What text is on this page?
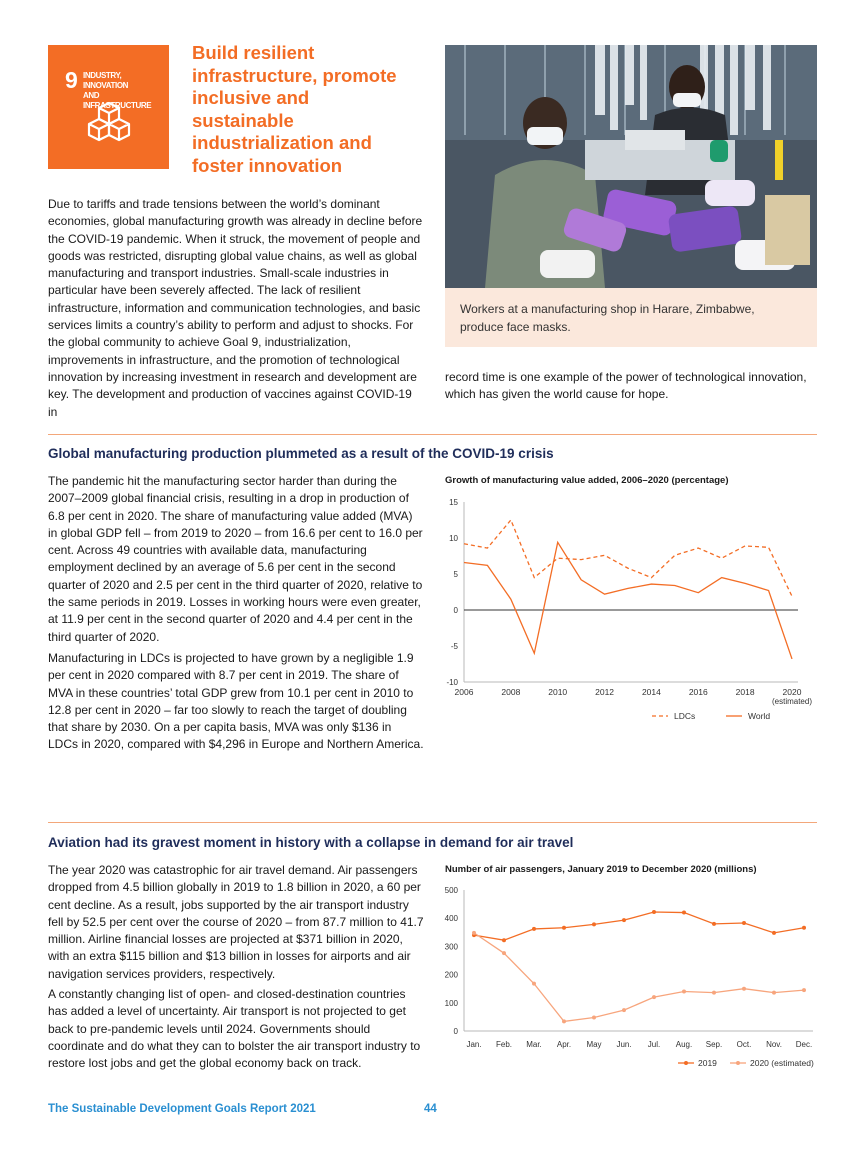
9 INDUSTRY, INNOVATION
AND INFRASTRUCTURE
Build resilient infrastructure, promote inclusive and sustainable industrialization and foster innovation
Workers at a manufacturing shop in Harare, Zimbabwe, produce face masks.
Due to tariffs and trade tensions between the world’s dominant economies, global manufacturing growth was already in decline before the COVID-19 pandemic. When it struck, the movement of people and goods was restricted, disrupting global value chains, as well as global manufacturing and transport industries. Small-scale industries in particular have been severely affected. The lack of resilient infrastructure, information and communication technologies, and basic services limits a country’s ability to perform and adjust to shocks. For the global community to achieve Goal 9, industrialization, improvements in infrastructure, and the promotion of technological innovation by increasing investment in research and development are key. The development and production of vaccines against COVID-19 in
record time is one example of the power of technological innovation, which has given the world cause for hope.
Global manufacturing production plummeted as a result of the COVID-19 crisis
The pandemic hit the manufacturing sector harder than during the 2007–2009 global financial crisis, resulting in a drop in production of 6.8 per cent in 2020. The share of manufacturing value added (MVA) in global GDP fell – from 2019 to 2020 – from 16.6 per cent to 16.0 per cent. Across 49 countries with available data, manufacturing employment declined by an average of 5.6 per cent in the second quarter of 2020 and 2.5 per cent in the third quarter of 2020, relative to the same periods in 2019. Losses in working hours were even greater, at 11.9 per cent in the second quarter of 2020 and 4.4 per cent in the third quarter of 2020.
Manufacturing in LDCs is projected to have grown by a negligible 1.9 per cent in 2020 compared with 8.7 per cent in 2019. The share of MVA in these countries’ total GDP grew from 10.1 per cent in 2010 to 12.8 per cent in 2020 – far too slowly to reach the target of doubling that share by 2030. On a per capita basis, MVA was only $136 in LDCs in 2020, compared with $4,296 in Europe and Northern America.
Growth of manufacturing value added, 2006–2020 (percentage)
15
10
5
0
-5
-10
2006	2008	2010	2012	2014	2016	2018	2020
(estimated)
LDCs	World
Aviation had its gravest moment in history with a collapse in demand for air travel
The year 2020 was catastrophic for air travel demand. Air passengers dropped from 4.5 billion globally in 2019 to 1.8 billion in 2020, a 60 per cent decline. As a result, jobs supported by the air transport industry fell by 52.5 per cent over the course of 2020 – from 87.7 million to 41.7 million. Airline financial losses are projected at $371 billion in 2020, with an extra $115 billion and $13 billion in losses for airports and air navigation services providers, respectively.
A constantly changing list of open- and closed-destination countries has added a level of uncertainty. Air transport is not projected to get back to pre-pandemic levels until 2024. Governments should coordinate and do what they can to bolster the air transport industry to restore lost jobs and get the global economy back on track.
Number of air passengers, January 2019 to December 2020 (millions)
500
400
300
200
100
0
Jan. Feb. Mar. Apr. May Jun. Jul. Aug. Sep. Oct. Nov. Dec.
2019	2020 (estimated)
The Sustainable Development Goals Report 2021	44
